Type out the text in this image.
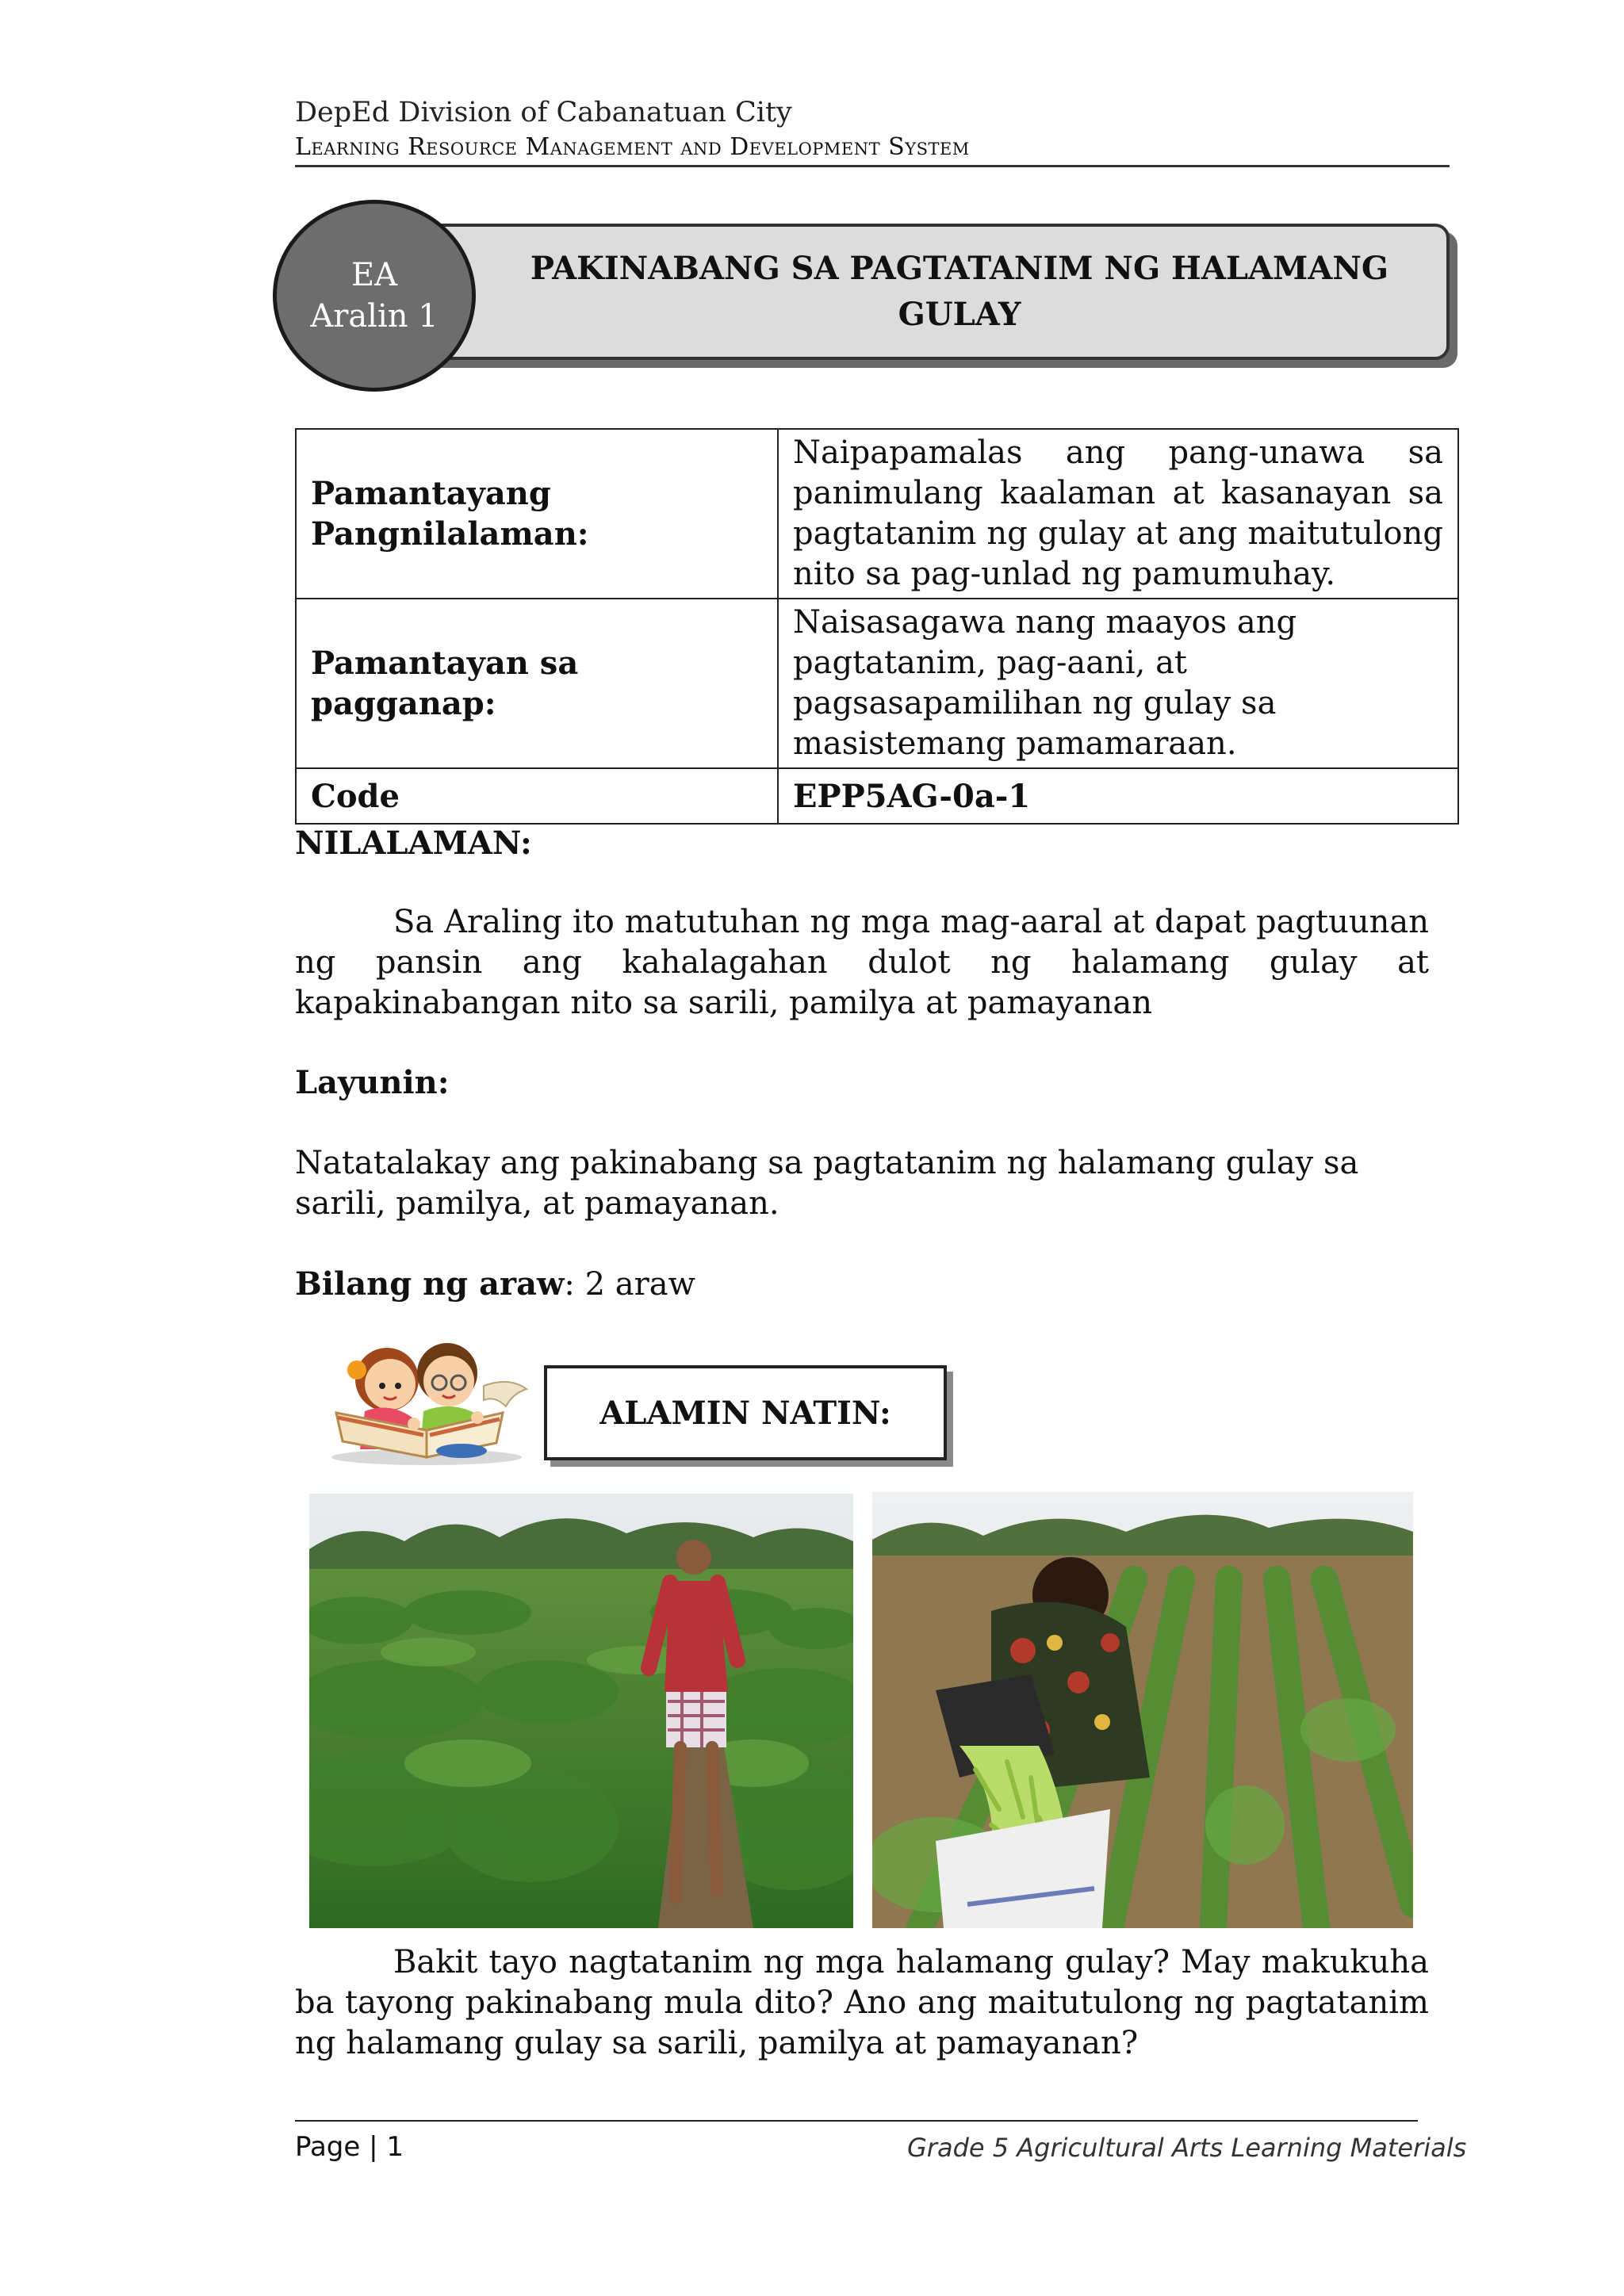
DepEd Division of Cabanatuan City
Learning Resource Management and Development System
PAKINABANG SA PAGTATANIM NG HALAMANG GULAY
EA
Aralin 1
Pamantayang Pangnilalaman:	Naipapamalas ang pang-unawa sa panimulang kaalaman at kasanayan sa pagtatanim ng gulay at ang maitutulong nito sa pag-unlad ng pamumuhay.
Pamantayan sa pagganap:	Naisasagawa nang maayos ang pagtatanim, pag-aani, at pagsasapamilihan ng gulay sa masistemang pamamaraan.
Code	EPP5AG-0a-1
NILALAMAN:
Sa Araling ito matutuhan ng mga mag-aaral at dapat pagtuunan ng pansin ang kahalagahan dulot ng halamang gulay at kapakinabangan nito sa sarili, pamilya at pamayanan
Layunin:
Natatalakay ang pakinabang sa pagtatanim ng halamang gulay sa sarili, pamilya, at pamayanan.
Bilang ng araw: 2 araw
ALAMIN NATIN:
Bakit tayo nagtatanim ng mga halamang gulay? May makukuha ba tayong pakinabang mula dito? Ano ang maitutulong ng pagtatanim ng halamang gulay sa sarili, pamilya at pamayanan?
Page | 1	Grade 5 Agricultural Arts Learning Materials
